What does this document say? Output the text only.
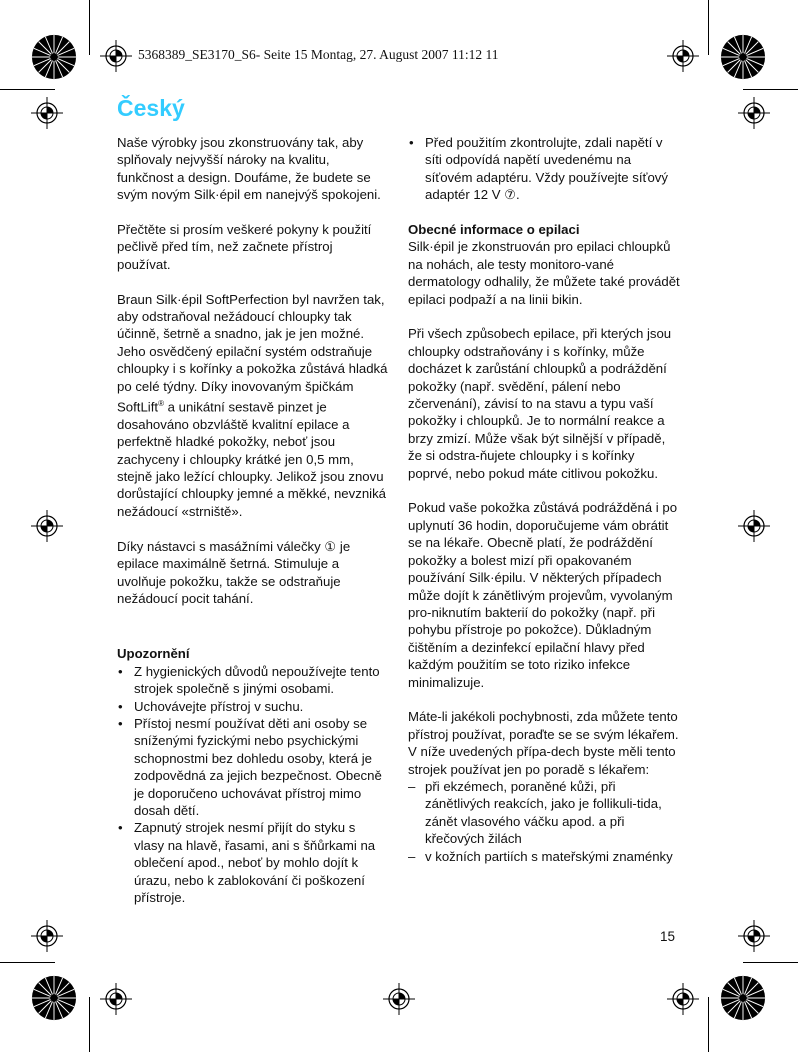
5368389_SE3170_S6- Seite 15 Montag, 27. August 2007 11:12 11
Český

Naše výrobky jsou zkonstruovány tak, aby splňovaly nejvyšší nároky na kvalitu, funkčnost a design. Doufáme, že budete se svým novým Silk·épil em nanejvýš spokojeni.

Přečtěte si prosím veškeré pokyny k použití pečlivě před tím, než začnete přístroj používat.

Braun Silk·épil SoftPerfection byl navržen tak, aby odstraňoval nežádoucí chloupky tak účinně, šetrně a snadno, jak je jen možné. Jeho osvědčený epilační systém odstraňuje chloupky i s kořínky a pokožka zůstává hladká po celé týdny. Díky inovovaným špičkám SoftLift® a unikátní sestavě pinzet je dosahováno obzvláště kvalitní epilace a perfektně hladké pokožky, neboť jsou zachyceny i chloupky krátké jen 0,5 mm, stejně jako ležící chloupky. Jelikož jsou znovu dorůstající chloupky jemné a měkké, nevzniká nežádoucí «strniště».

Díky nástavci s masážními válečky ① je epilace maximálně šetrná. Stimuluje a uvolňuje pokožku, takže se odstraňuje nežádoucí pocit tahání.

Upozornění
• Z hygienických důvodů nepoužívejte tento strojek společně s jinými osobami.
• Uchovávejte přístroj v suchu.
• Přístoj nesmí používat děti ani osoby se sníženými fyzickými nebo psychickými schopnostmi bez dohledu osoby, která je zodpovědná za jejich bezpečnost. Obecně je doporučeno uchovávat přístroj mimo dosah dětí.
• Zapnutý strojek nesmí přijít do styku s vlasy na hlavě, řasami, ani s šňůrkami na oblečení apod., neboť by mohlo dojít k úrazu, nebo k zablokování či poškození přístroje.
• Před použitím zkontrolujte, zdali napětí v síti odpovídá napětí uvedenému na síťovém adaptéru. Vždy používejte síťový adaptér 12 V ⑦.
Obecné informace o epilaci

Silk·épil je zkonstruován pro epilaci chloupků na nohách, ale testy monitoro-vané dermatology odhalily, že můžete také provádět epilaci podpaží a na linii bikin.

Při všech způsobech epilace, při kterých jsou chloupky odstraňovány i s kořínky, může docházet k zarůstání chloupků a podráždění pokožky (např. svědění, pálení nebo zčervenání), závisí to na stavu a typu vaší pokožky i chloupků. Je to normální reakce a brzy zmizí. Může však být silnější v případě, že si odstra-ňujete chloupky i s kořínky poprvé, nebo pokud máte citlivou pokožku.

Pokud vaše pokožka zůstává podrážděná i po uplynutí 36 hodin, doporučujeme vám obrátit se na lékaře. Obecně platí, že podráždění pokožky a bolest mizí při opakovaném používání Silk·épilu. V některých případech může dojít k zánětlivým projevům, vyvolaným pro-niknutím bakterií do pokožky (např. při pohybu přístroje po pokožce). Důkladným čištěním a dezinfekcí epilační hlavy před každým použitím se toto riziko infekce minimalizuje.

Máte-li jakékoli pochybnosti, zda můžete tento přístroj používat, poraďte se se svým lékařem. V níže uvedených přípa-dech byste měli tento strojek používat jen po poradě s lékařem:

– při ekzémech, poraněné kůži, při zánětlivých reakcích, jako je follikuli-tida, zánět vlasového váčku apod. a při křečových žilách
– v kožních partiích s mateřskými znaménky
15
